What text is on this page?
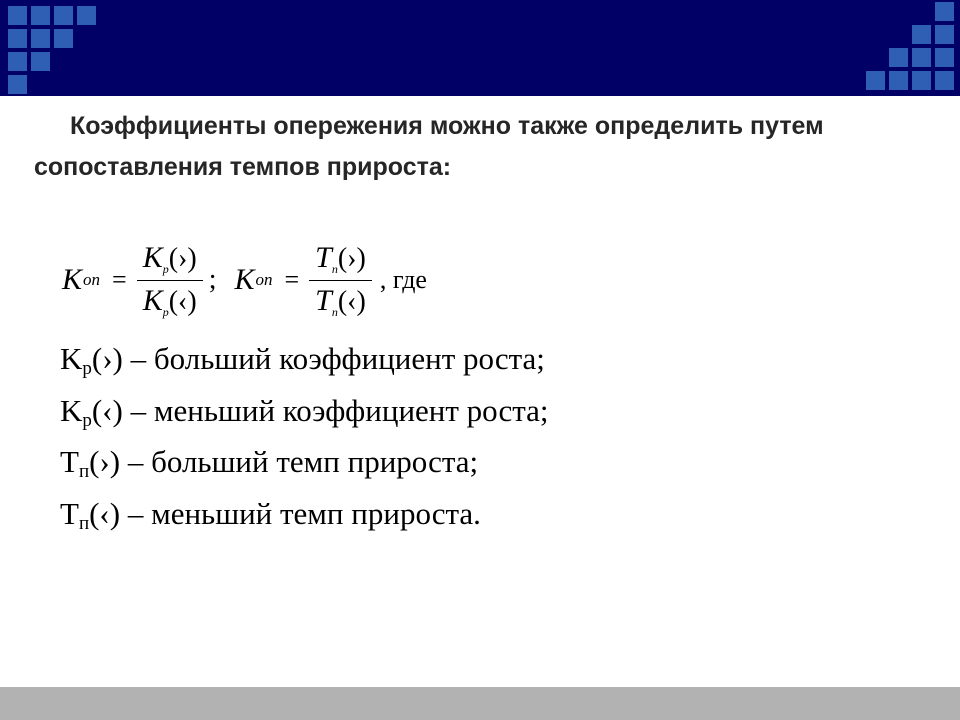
Коэффициенты опережения можно также определить путем сопоставления темпов прироста:

K оп = $\frac{K_р(›)}{K_р(‹)}$ ; K оп = $\frac{T_п(›)}{T_п(‹)}$ , где
Kр(›) – больший коэффициент роста;
Kр(‹) – меньший коэффициент роста;
Tп(›) – больший темп прироста;
Tп(‹) – меньший темп прироста.
